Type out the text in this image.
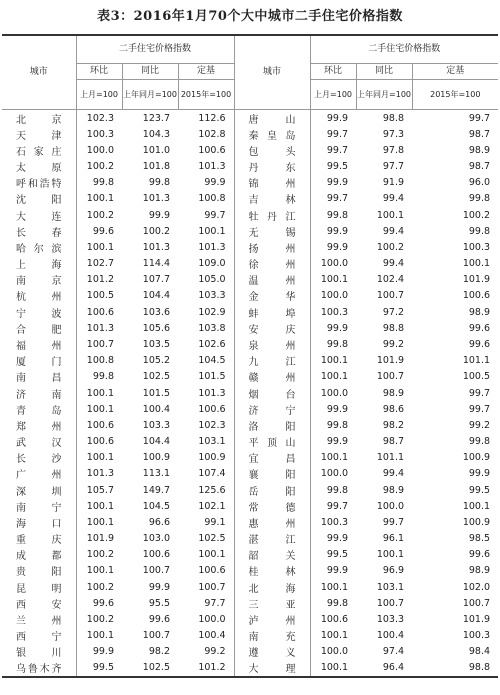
表3：2016年1月70个大中城市二手住宅价格指数
城市	二手住宅价格指数			城市	二手住宅价格指数		
	环比	同比	定基		环比	同比	定基
	上月=100	上年同月=100	2015年=100		上月=100	上年同月=100	2015年=100
北　　京	102.3	123.7	112.6	唐　　山	99.9	98.8	99.7
天　　津	100.3	104.3	102.8	秦 皇 岛	99.7	97.3	98.7
石 家 庄	100.0	101.0	100.6	包　　头	99.7	97.8	98.9
太　　原	100.2	101.8	101.3	丹　　东	99.5	97.7	98.7
呼和浩特	99.8	99.8	99.9	锦　　州	99.9	91.9	96.0
沈　　阳	100.1	101.3	100.8	吉　　林	99.7	99.4	99.8
大　　连	100.2	99.9	99.7	牡 丹 江	99.8	100.1	100.2
长　　春	99.6	100.2	100.1	无　　锡	99.9	99.4	99.8
哈 尔 滨	100.1	101.3	101.3	扬　　州	99.9	100.2	100.3
上　　海	102.7	114.4	109.0	徐　　州	100.0	99.4	100.1
南　　京	101.2	107.7	105.0	温　　州	100.1	102.4	101.9
杭　　州	100.5	104.4	103.3	金　　华	100.0	100.7	100.6
宁　　波	100.6	103.6	102.9	蚌　　埠	100.3	97.2	98.9
合　　肥	101.3	105.6	103.8	安　　庆	99.9	98.8	99.6
福　　州	100.7	103.5	102.6	泉　　州	99.8	99.2	99.6
厦　　门	100.8	105.2	104.5	九　　江	100.1	101.9	101.1
南　　昌	99.8	102.5	101.5	赣　　州	100.1	100.7	100.5
济　　南	100.1	101.5	101.3	烟　　台	100.0	98.9	99.7
青　　岛	100.1	100.4	100.6	济　　宁	99.9	98.6	99.7
郑　　州	100.6	103.3	102.3	洛　　阳	99.8	98.2	99.2
武　　汉	100.6	104.4	103.1	平 顶 山	99.9	98.7	99.8
长　　沙	100.1	100.9	100.9	宜　　昌	100.1	101.1	100.9
广　　州	101.3	113.1	107.4	襄　　阳	100.0	99.4	99.9
深　　圳	105.7	149.7	125.6	岳　　阳	99.8	98.9	99.5
南　　宁	100.1	104.5	102.1	常　　德	99.7	100.0	100.1
海　　口	100.1	96.6	99.1	惠　　州	100.3	99.7	100.9
重　　庆	101.9	103.0	102.5	湛　　江	99.9	96.1	98.5
成　　都	100.2	100.6	100.1	韶　　关	99.5	100.1	99.6
贵　　阳	100.1	100.7	100.6	桂　　林	99.9	96.9	98.9
昆　　明	100.2	99.9	100.7	北　　海	100.1	103.1	102.0
西　　安	99.6	95.5	97.7	三　　亚	99.8	100.7	100.7
兰　　州	100.2	99.6	100.0	泸　　州	100.6	103.3	101.9
西　　宁	100.1	100.7	100.4	南　　充	100.1	100.4	100.3
银　　川	99.9	98.2	99.2	遵　　义	100.0	97.4	98.4
乌鲁木齐	99.5	102.5	101.2	大　　理	100.1	96.4	98.8
